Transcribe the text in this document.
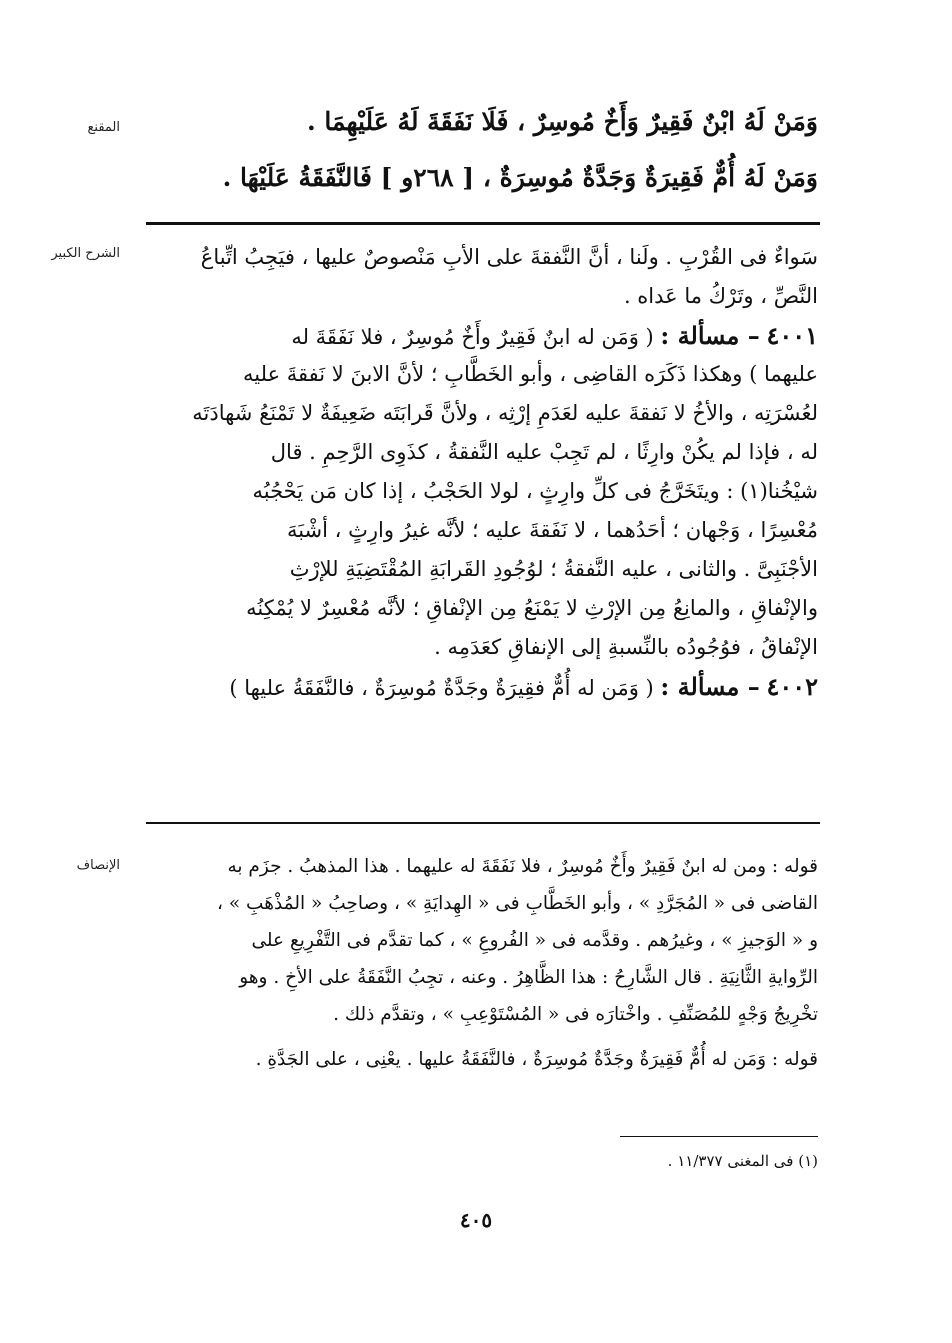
المقنع	وَمَنْ لَهُ ابْنٌ فَقِيرٌ وَأَخٌ مُوسِرٌ ، فَلَا نَفَقَةَ لَهُ عَلَيْهِمَا .
وَمَنْ لَهُ أُمٌّ فَقِيرَةٌ وَجَدَّةٌ مُوسِرَةٌ ، [ ٢٦٨و ] فَالنَّفَقَةُ عَلَيْهَا .
الشرح الكبير	سَواءٌ فى القُرْبِ . ولَنا ، أنَّ النَّفقةَ على الأبِ مَنْصوصٌ عليها ، فيَجِبُ اتِّباعُ
النَّصِّ ، وتَرْكُ ما عَداه .
٤٠٠١ – مسألة : ( وَمَن له ابنٌ فَقِيرٌ وأَخٌ مُوسِرٌ ، فلا نَفَقَةَ له
عليهما ) وهكذا ذَكَرَه القاضِى ، وأبو الخَطَّابِ ؛ لأنَّ الابنَ لا نَفقةَ عليه
لعُسْرَتِه ، والأخُ لا نَفقةَ عليه لعَدَمِ إرْثِه ، ولأنَّ قَرابَتَه ضَعِيفَةٌ لا تَمْنَعُ شَهادَتَه
له ، فإذا لم يكُنْ وارِثًا ، لم تَجِبْ عليه النَّفقةُ ، كذَوِى الرَّحِمِ . قال
شيْخُنا(١) : ويتَخَرَّجُ فى كلِّ وارِثٍ ، لولا الحَجْبُ ، إذا كان مَن يَحْجُبُه
مُعْسِرًا ، وَجْهان ؛ أحَدُهما ، لا نَفَقةَ عليه ؛ لأنَّه غيرُ وارِثٍ ، أشْبَهَ
الأجْنَبِىَّ . والثانى ، عليه النَّفقةُ ؛ لوُجُودِ القَرابَةِ المُقْتَضِيَةِ للإرْثِ
والإنْفاقِ ، والمانِعُ مِن الإرْثِ لا يَمْنَعُ مِن الإنْفاقِ ؛ لأنَّه مُعْسِرٌ لا يُمْكِنُه
الإنْفاقُ ، فوُجُودُه بالنِّسبةِ إلى الإنفاقِ كعَدَمِه .
٤٠٠٢ – مسألة : ( وَمَن له أُمٌّ فقِيرَةٌ وجَدَّةٌ مُوسِرَةٌ ، فالنَّفَقَةُ عليها )
الإنصاف	قوله : ومن له ابنٌ فَقِيرٌ وأَخٌ مُوسِرٌ ، فلا نَفَقَةَ له عليهما . هذا المذهبُ . جزَم به
القاضى فى « المُجَرَّدِ » ، وأبو الخَطَّابِ فى « الهِدايَةِ » ، وصاحِبُ « المُذْهَبِ » ،
و « الوَجيزِ » ، وغيرُهم . وقدَّمه فى « الفُروعِ » ، كما تقدَّم فى التَّفْرِيعِ على
الرِّوايةِ الثَّانِيَةِ . قال الشَّارِحُ : هذا الظَّاهِرُ . وعنه ، تجِبُ النَّفَقَةُ على الأخِ . وهو
تخْرِيجُ وَجْهٍ للمُصَنِّفِ . واخْتارَه فى « المُسْتَوْعِبِ » ، وتقدَّم ذلك .
قوله : وَمَن له أُمٌّ فَقِيرَةٌ وجَدَّةٌ مُوسِرَةٌ ، فالنَّفَقَةُ عليها . يعْنِى ، على الجَدَّةِ .
(١) فى المغنى ١١/٣٧٧ .
٤٠٥
